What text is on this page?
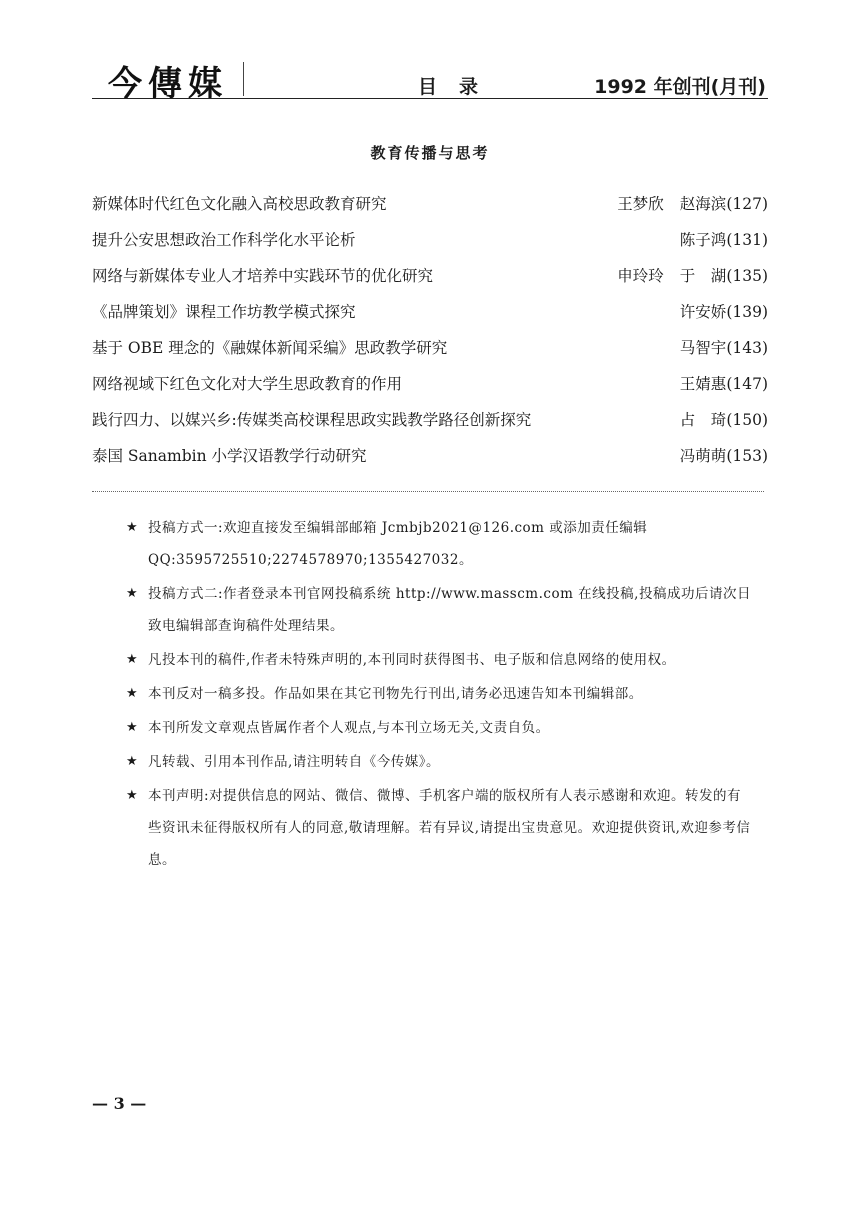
今傳媒	目录	1992 年创刊(月刊)
教育传播与思考
新媒体时代红色文化融入高校思政教育研究	王梦欣 赵海滨(127)
提升公安思想政治工作科学化水平论析	陈子鸿(131)
网络与新媒体专业人才培养中实践环节的优化研究	申玲玲 于　湖(135)
《品牌策划》课程工作坊教学模式探究	许安娇(139)
基于 OBE 理念的《融媒体新闻采编》思政教学研究	马智宇(143)
网络视域下红色文化对大学生思政教育的作用	王婧惠(147)
践行四力、以媒兴乡:传媒类高校课程思政实践教学路径创新探究	占　琦(150)
泰国 Sanambin 小学汉语教学行动研究	冯萌萌(153)
★ 投稿方式一:欢迎直接发至编辑部邮箱 Jcmbjb2021@126.com 或添加责任编辑 QQ:3595725510;2274578970;1355427032。
★ 投稿方式二:作者登录本刊官网投稿系统 http://www.masscm.com 在线投稿,投稿成功后请次日致电编辑部查询稿件处理结果。
★ 凡投本刊的稿件,作者未特殊声明的,本刊同时获得图书、电子版和信息网络的使用权。
★ 本刊反对一稿多投。作品如果在其它刊物先行刊出,请务必迅速告知本刊编辑部。
★ 本刊所发文章观点皆属作者个人观点,与本刊立场无关,文责自负。
★ 凡转载、引用本刊作品,请注明转自《今传媒》。
★ 本刊声明:对提供信息的网站、微信、微博、手机客户端的版权所有人表示感谢和欢迎。转发的有些资讯未征得版权所有人的同意,敬请理解。若有异议,请提出宝贵意见。欢迎提供资讯,欢迎参考信息。
— 3 —
